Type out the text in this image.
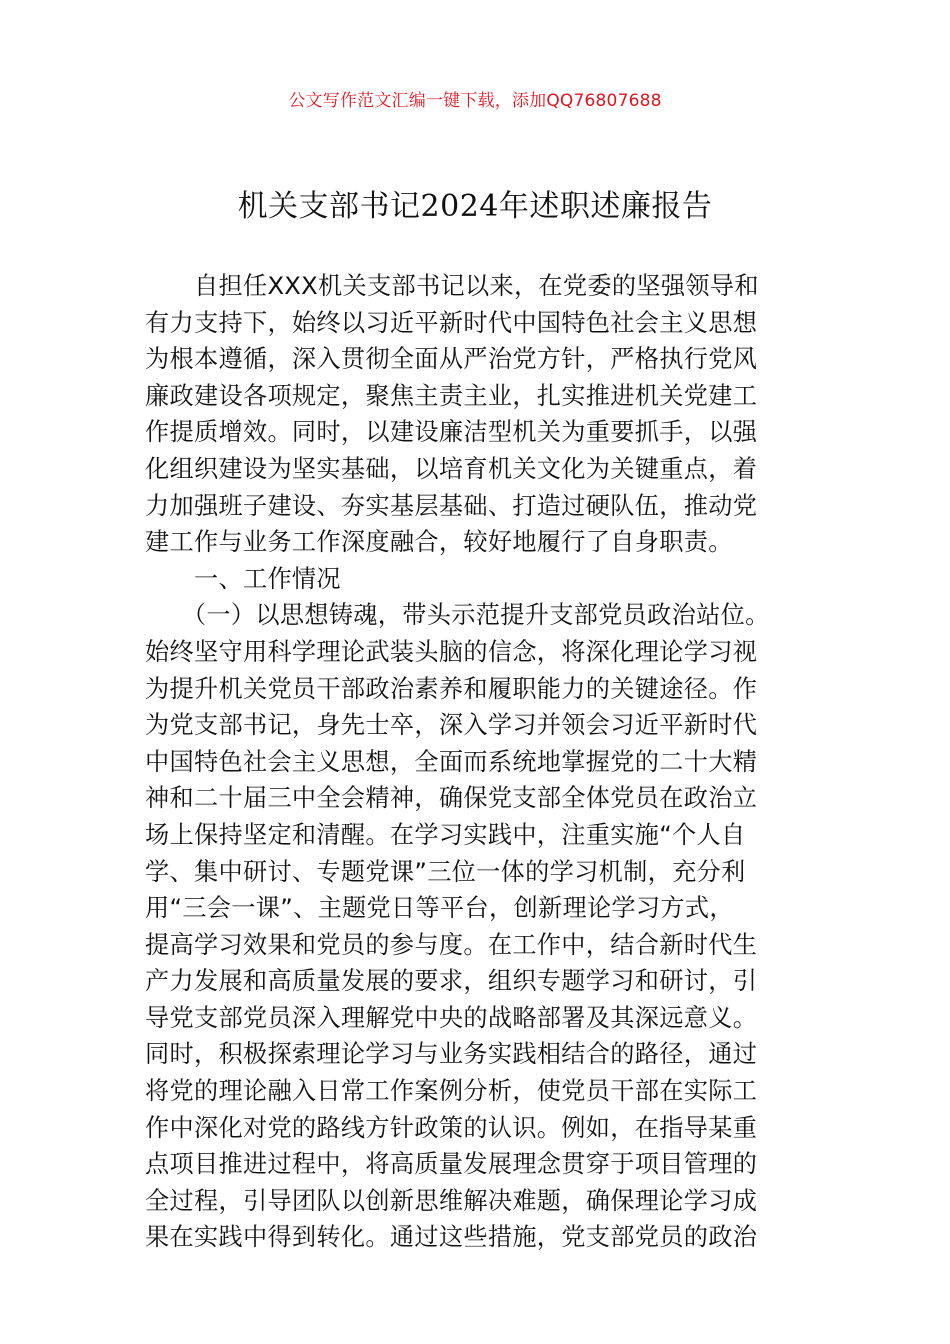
公文写作范文汇编一键下载，添加QQ76807688
机关支部书记2024年述职述廉报告
　　自担任XXX机关支部书记以来，在党委的坚强领导和
有力支持下，始终以习近平新时代中国特色社会主义思想
为根本遵循，深入贯彻全面从严治党方针，严格执行党风
廉政建设各项规定，聚焦主责主业，扎实推进机关党建工
作提质增效。同时，以建设廉洁型机关为重要抓手，以强
化组织建设为坚实基础，以培育机关文化为关键重点，着
力加强班子建设、夯实基层基础、打造过硬队伍，推动党
建工作与业务工作深度融合，较好地履行了自身职责。
　　一、工作情况
　　（一）以思想铸魂，带头示范提升支部党员政治站位。
始终坚守用科学理论武装头脑的信念，将深化理论学习视
为提升机关党员干部政治素养和履职能力的关键途径。作
为党支部书记，身先士卒，深入学习并领会习近平新时代
中国特色社会主义思想，全面而系统地掌握党的二十大精
神和二十届三中全会精神，确保党支部全体党员在政治立
场上保持坚定和清醒。在学习实践中，注重实施“个人自
学、集中研讨、专题党课”三位一体的学习机制，充分利
用“三会一课”、主题党日等平台，创新理论学习方式，
提高学习效果和党员的参与度。在工作中，结合新时代生
产力发展和高质量发展的要求，组织专题学习和研讨，引
导党支部党员深入理解党中央的战略部署及其深远意义。
同时，积极探索理论学习与业务实践相结合的路径，通过
将党的理论融入日常工作案例分析，使党员干部在实际工
作中深化对党的路线方针政策的认识。例如，在指导某重
点项目推进过程中，将高质量发展理念贯穿于项目管理的
全过程，引导团队以创新思维解决难题，确保理论学习成
果在实践中得到转化。通过这些措施，党支部党员的政治
